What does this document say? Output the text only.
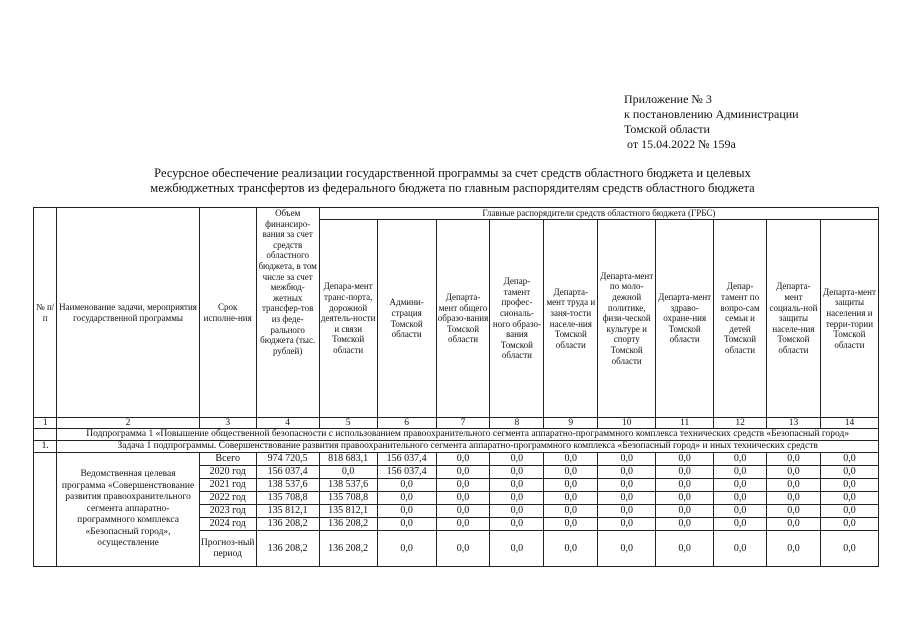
Приложение № 3
к постановлению Администрации
Томской области
от 15.04.2022 № 159а
Ресурсное обеспечение реализации государственной программы за счет средств областного бюджета и целевых
межбюджетных трансфертов из федерального бюджета по главным распорядителям средств областного бюджета
№ п/п	Наименование задачи, мероприятия государственной программы	Срок исполне-ния	Объем финансиро-вания за счет средств областного бюджета, в том числе за счет межбюд-жетных трансфер-тов из феде-рального бюджета (тыс. рублей)	Главные распорядители средств областного бюджета (ГРБС)									
				Депарa-мент транс-порта, дорожной деятель-ности и связи Томской области	Админи-страция Томской области	Департа-мент общего образо-вания Томской области	Депар-тамент профес-сиональ-ного образо-вания Томской области	Департа-мент труда и заня-тости населе-ния Томской области	Департа-мент по моло-дежной политике, физи-ческой культуре и спорту Томской области	Департа-мент здраво-охране-ния Томской области	Депар-тамент по вопро-сам семьи и детей Томской области	Департа-мент социаль-ной защиты населе-ния Томской области	Департа-мент защиты населения и терри-тории Томской области
1	2	3	4	5	6	7	8	9	10	11	12	13	14
	Подпрограмма 1 «Повышение общественной безопасности с использованием правоохранительного сегмента аппаратно-программного комплекса технических средств «Безопасный город»												
1.	Задача 1 подпрограммы. Совершенствование развития правоохранительного сегмента аппаратно-программного комплекса «Безопасный город» и иных технических средств												
	Ведомственная целевая программа «Совершенствование развития правоохранительного сегмента аппаратно-программного комплекса «Безопасный город», осуществление	Всего	974 720,5	818 683,1	156 037,4	0,0	0,0	0,0	0,0	0,0	0,0	0,0	0,0
		2020 год	156 037,4	0,0	156 037,4	0,0	0,0	0,0	0,0	0,0	0,0	0,0	0,0
		2021 год	138 537,6	138 537,6	0,0	0,0	0,0	0,0	0,0	0,0	0,0	0,0	0,0
		2022 год	135 708,8	135 708,8	0,0	0,0	0,0	0,0	0,0	0,0	0,0	0,0	0,0
		2023 год	135 812,1	135 812,1	0,0	0,0	0,0	0,0	0,0	0,0	0,0	0,0	0,0
		2024 год	136 208,2	136 208,2	0,0	0,0	0,0	0,0	0,0	0,0	0,0	0,0	0,0
		Прогноз-ный период	136 208,2	136 208,2	0,0	0,0	0,0	0,0	0,0	0,0	0,0	0,0	0,0
